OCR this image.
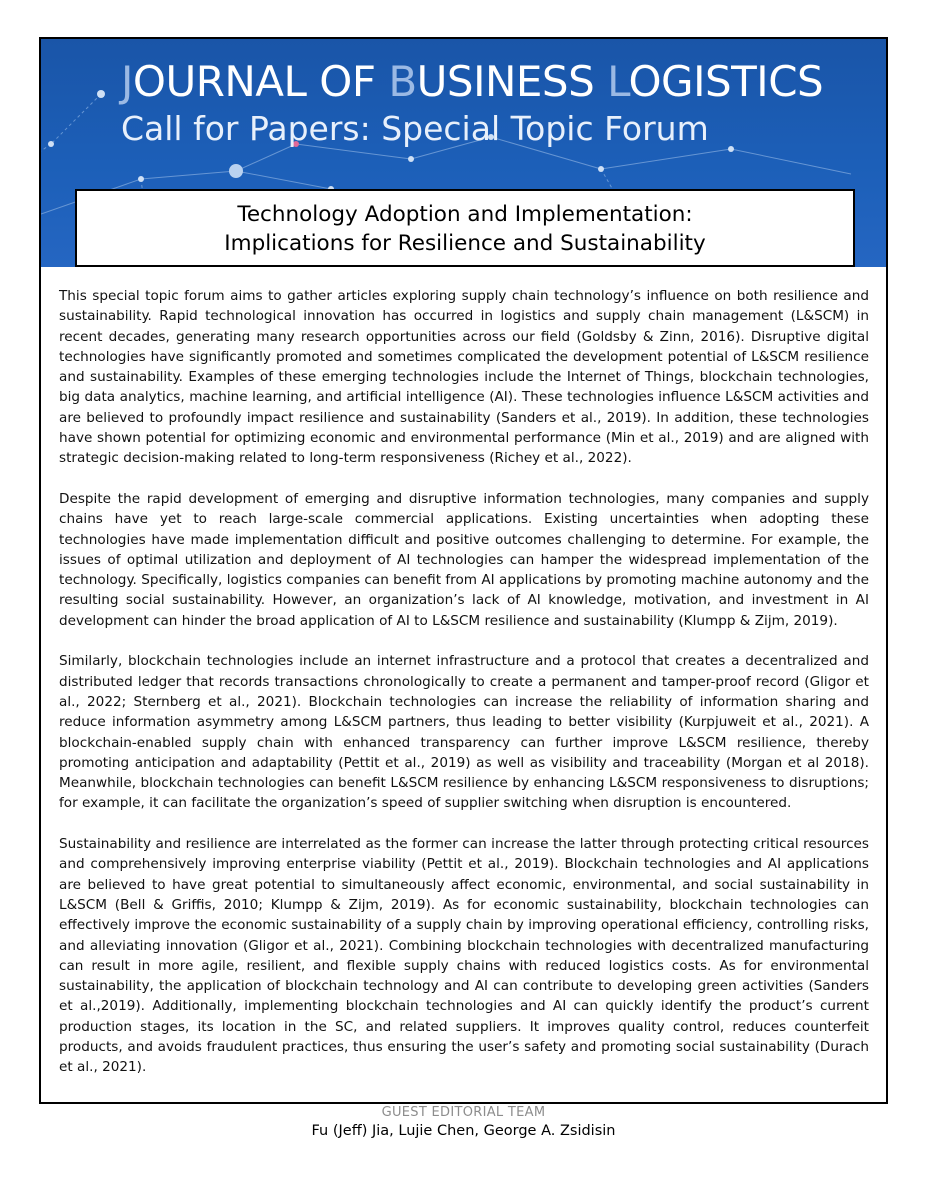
JOURNAL OF BUSINESS LOGISTICS
Call for Papers: Special Topic Forum
Technology Adoption and Implementation:
Implications for Resilience and Sustainability

This special topic forum aims to gather articles exploring supply chain technology’s influence on both resilience and sustainability. Rapid technological innovation has occurred in logistics and supply chain management (L&SCM) in recent decades, generating many research opportunities across our field (Goldsby & Zinn, 2016). Disruptive digital technologies have significantly promoted and sometimes complicated the development potential of L&SCM resilience and sustainability. Examples of these emerging technologies include the Internet of Things, blockchain technologies, big data analytics, machine learning, and artificial intelligence (AI). These technologies influence L&SCM activities and are believed to profoundly impact resilience and sustainability (Sanders et al., 2019). In addition, these technologies have shown potential for optimizing economic and environmental performance (Min et al., 2019) and are aligned with strategic decision-making related to long-term responsiveness (Richey et al., 2022).

Despite the rapid development of emerging and disruptive information technologies, many companies and supply chains have yet to reach large-scale commercial applications. Existing uncertainties when adopting these technologies have made implementation difficult and positive outcomes challenging to determine. For example, the issues of optimal utilization and deployment of AI technologies can hamper the widespread implementation of the technology. Specifically, logistics companies can benefit from AI applications by promoting machine autonomy and the resulting social sustainability. However, an organization’s lack of AI knowledge, motivation, and investment in AI development can hinder the broad application of AI to L&SCM resilience and sustainability (Klumpp & Zijm, 2019).

Similarly, blockchain technologies include an internet infrastructure and a protocol that creates a decentralized and distributed ledger that records transactions chronologically to create a permanent and tamper-proof record (Gligor et al., 2022; Sternberg et al., 2021). Blockchain technologies can increase the reliability of information sharing and reduce information asymmetry among L&SCM partners, thus leading to better visibility (Kurpjuweit et al., 2021). A blockchain-enabled supply chain with enhanced transparency can further improve L&SCM resilience, thereby promoting anticipation and adaptability (Pettit et al., 2019) as well as visibility and traceability (Morgan et al 2018). Meanwhile, blockchain technologies can benefit L&SCM resilience by enhancing L&SCM responsiveness to disruptions; for example, it can facilitate the organization’s speed of supplier switching when disruption is encountered.

Sustainability and resilience are interrelated as the former can increase the latter through protecting critical resources and comprehensively improving enterprise viability (Pettit et al., 2019). Blockchain technologies and AI applications are believed to have great potential to simultaneously affect economic, environmental, and social sustainability in L&SCM (Bell & Griffis, 2010; Klumpp & Zijm, 2019). As for economic sustainability, blockchain technologies can effectively improve the economic sustainability of a supply chain by improving operational efficiency, controlling risks, and alleviating innovation (Gligor et al., 2021). Combining blockchain technologies with decentralized manufacturing can result in more agile, resilient, and flexible supply chains with reduced logistics costs. As for environmental sustainability, the application of blockchain technology and AI can contribute to developing green activities (Sanders et al.,2019). Additionally, implementing blockchain technologies and AI can quickly identify the product’s current production stages, its location in the SC, and related suppliers. It improves quality control, reduces counterfeit products, and avoids fraudulent practices, thus ensuring the user’s safety and promoting social sustainability (Durach et al., 2021).

GUEST EDITORIAL TEAM
Fu (Jeff) Jia, Lujie Chen, George A. Zsidisin
